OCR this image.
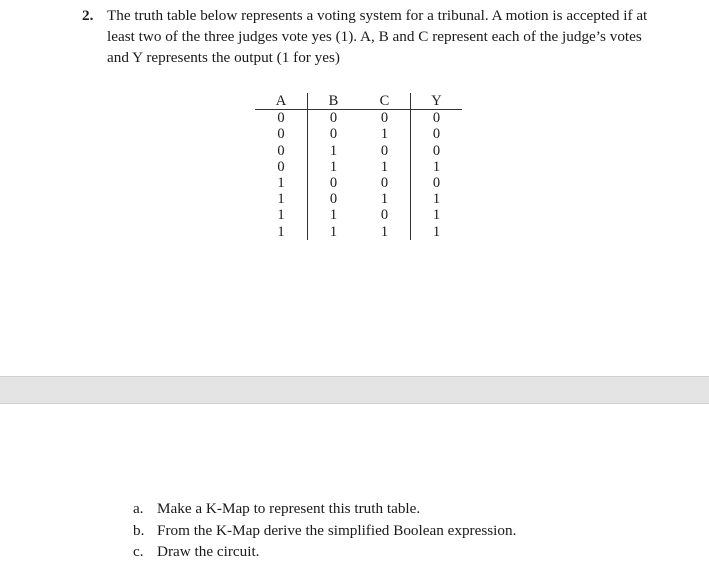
2. The truth table below represents a voting system for a tribunal. A motion is accepted if at least two of the three judges vote yes (1). A, B and C represent each of the judge’s votes and Y represents the output (1 for yes)
A	B	C	Y
0	0	0	0
0	0	1	0
0	1	0	0
0	1	1	1
1	0	0	0
1	0	1	1
1	1	0	1
1	1	1	1
a. Make a K-Map to represent this truth table.
b. From the K-Map derive the simplified Boolean expression.
c. Draw the circuit.
